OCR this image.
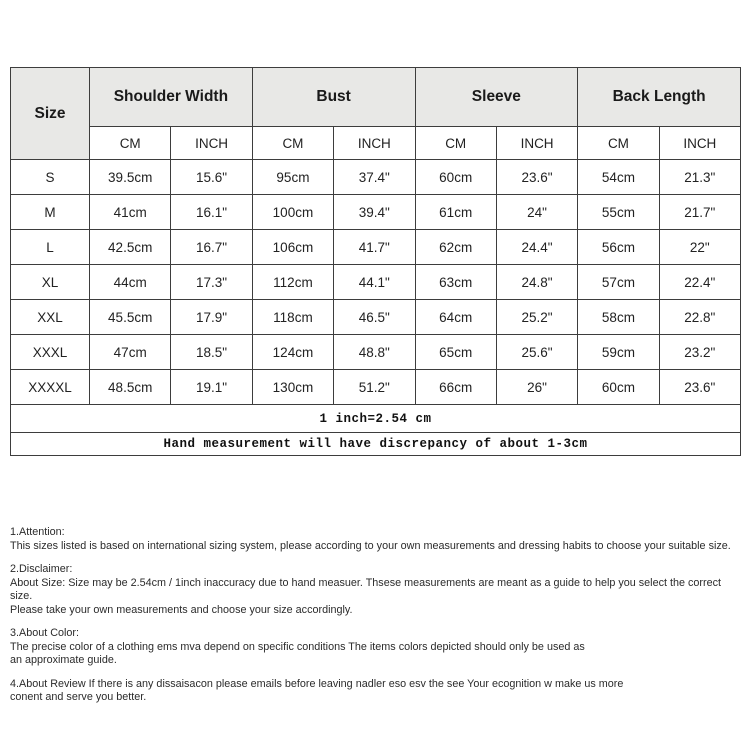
Size	Shoulder Width		Bust		Sleeve		Back Length	
	CM	INCH	CM	INCH	CM	INCH	CM	INCH
S	39.5cm	15.6"	95cm	37.4"	60cm	23.6"	54cm	21.3"
M	41cm	16.1"	100cm	39.4"	61cm	24"	55cm	21.7"
L	42.5cm	16.7"	106cm	41.7"	62cm	24.4"	56cm	22"
XL	44cm	17.3"	112cm	44.1"	63cm	24.8"	57cm	22.4"
XXL	45.5cm	17.9"	118cm	46.5"	64cm	25.2"	58cm	22.8"
XXXL	47cm	18.5"	124cm	48.8"	65cm	25.6"	59cm	23.2"
XXXXL	48.5cm	19.1"	130cm	51.2"	66cm	26"	60cm	23.6"
1 inch=2.54 cm								
Hand measurement will have discrepancy of about 1-3cm								
1.Attention:
This sizes listed is based on international sizing system, please according to your own measurements and dressing habits to choose your suitable size.
2.Disclaimer:
About Size: Size may be 2.54cm / 1inch inaccuracy due to hand measuer. Thsese measurements are meant as a guide to help you select the correct size.
Please take your own measurements and choose your size accordingly.
3.About Color:
The precise color of a clothing ems mva depend on specific conditions The items colors depicted should only be used as
an approximate guide.
4.About Review If there is any dissaisacon please emails before leaving nadler eso esv the see Your ecognition w make us more
conent and serve you better.
